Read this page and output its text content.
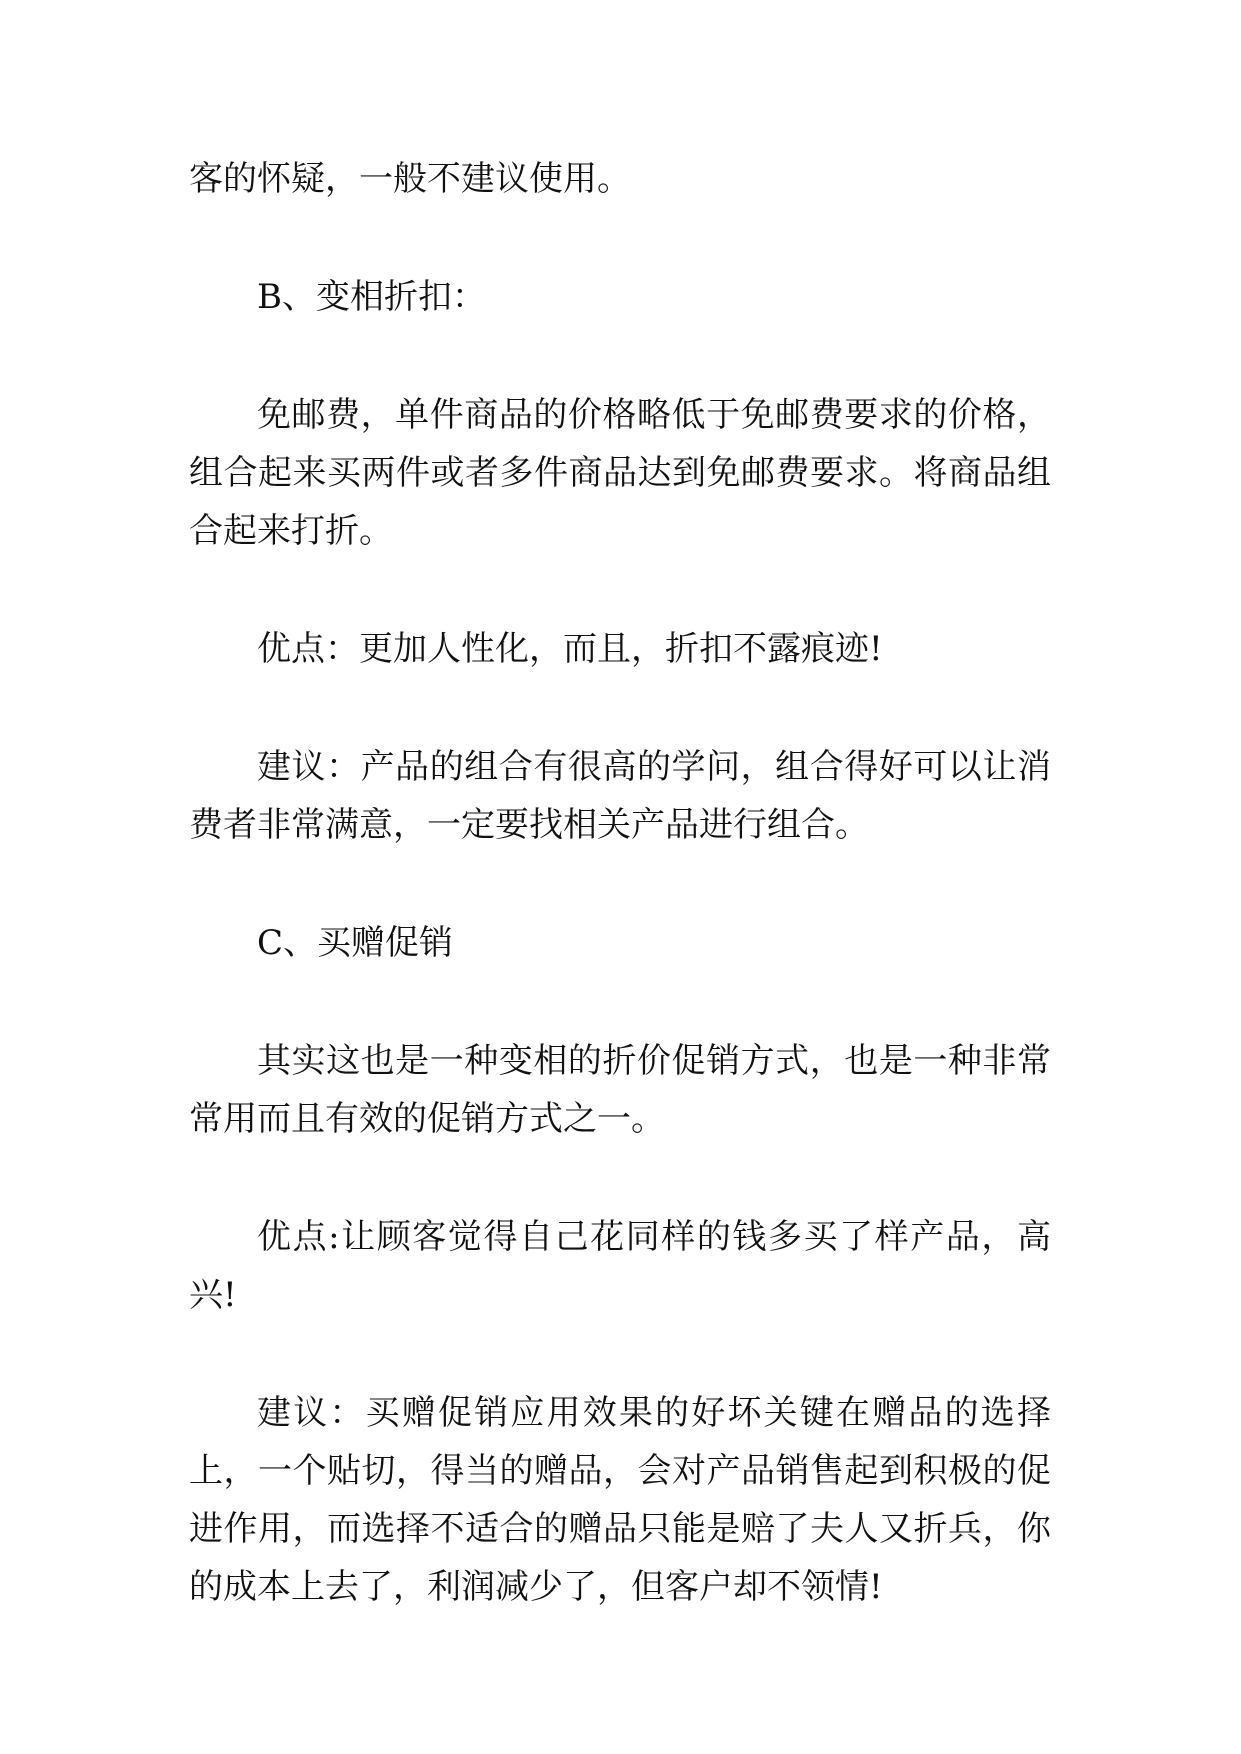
客的怀疑，一般不建议使用。

B、变相折扣：

免邮费，单件商品的价格略低于免邮费要求的价格，组合起来买两件或者多件商品达到免邮费要求。将商品组合起来打折。

优点：更加人性化，而且，折扣不露痕迹!

建议：产品的组合有很高的学问，组合得好可以让消费者非常满意，一定要找相关产品进行组合。

C、买赠促销

其实这也是一种变相的折价促销方式，也是一种非常常用而且有效的促销方式之一。

优点:让顾客觉得自己花同样的钱多买了样产品，高兴!

建议：买赠促销应用效果的好坏关键在赠品的选择上，一个贴切，得当的赠品，会对产品销售起到积极的促进作用，而选择不适合的赠品只能是赔了夫人又折兵，你的成本上去了，利润减少了，但客户却不领情!
